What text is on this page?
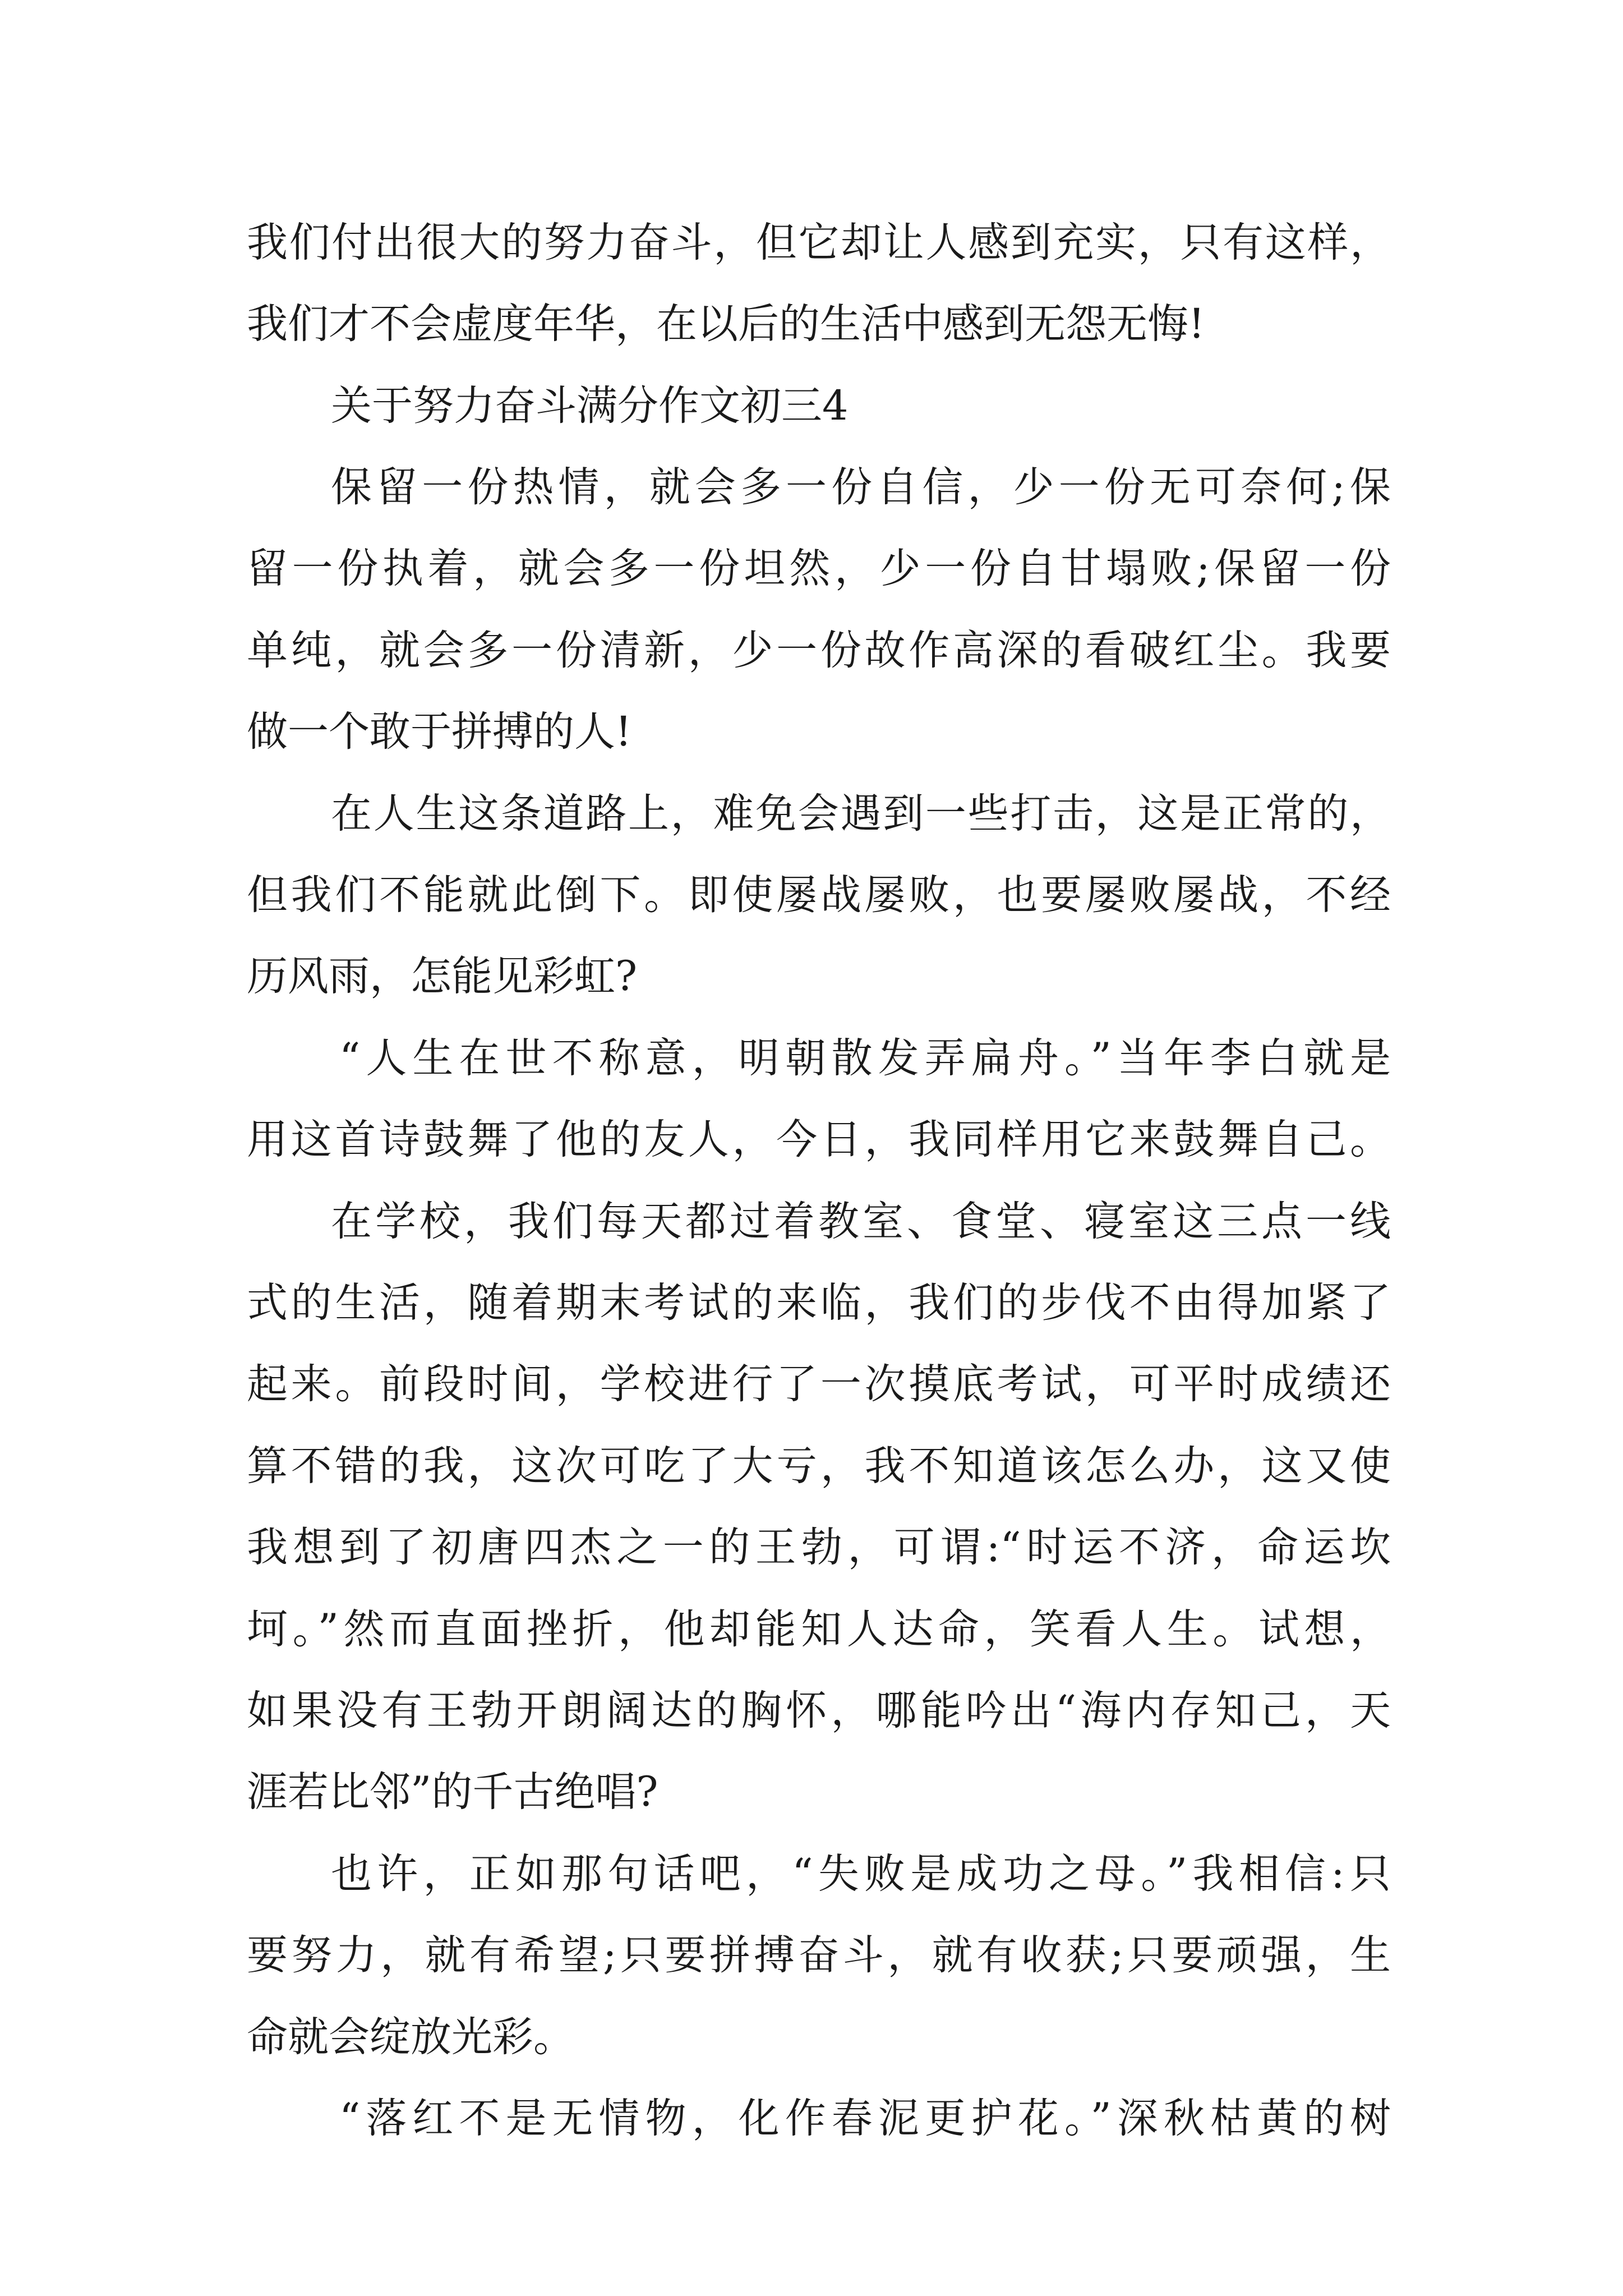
我们付出很大的努力奋斗，但它却让人感到充实，只有这样，
我们才不会虚度年华，在以后的生活中感到无怨无悔!
关于努力奋斗满分作文初三4
保留一份热情，就会多一份自信，少一份无可奈何;保
留一份执着，就会多一份坦然，少一份自甘塌败;保留一份
单纯，就会多一份清新，少一份故作高深的看破红尘。我要
做一个敢于拼搏的人!
在人生这条道路上，难免会遇到一些打击，这是正常的，
但我们不能就此倒下。即使屡战屡败，也要屡败屡战，不经
历风雨，怎能见彩虹?
“人生在世不称意，明朝散发弄扁舟。”当年李白就是
用这首诗鼓舞了他的友人，今日，我同样用它来鼓舞自己。
在学校，我们每天都过着教室、食堂、寝室这三点一线
式的生活，随着期末考试的来临，我们的步伐不由得加紧了
起来。前段时间，学校进行了一次摸底考试，可平时成绩还
算不错的我，这次可吃了大亏，我不知道该怎么办，这又使
我想到了初唐四杰之一的王勃，可谓:“时运不济，命运坎
坷。”然而直面挫折，他却能知人达命，笑看人生。试想，
如果没有王勃开朗阔达的胸怀，哪能吟出“海内存知己，天
涯若比邻”的千古绝唱?
也许，正如那句话吧，“失败是成功之母。”我相信:只
要努力，就有希望;只要拼搏奋斗，就有收获;只要顽强，生
命就会绽放光彩。
“落红不是无情物，化作春泥更护花。”深秋枯黄的树
